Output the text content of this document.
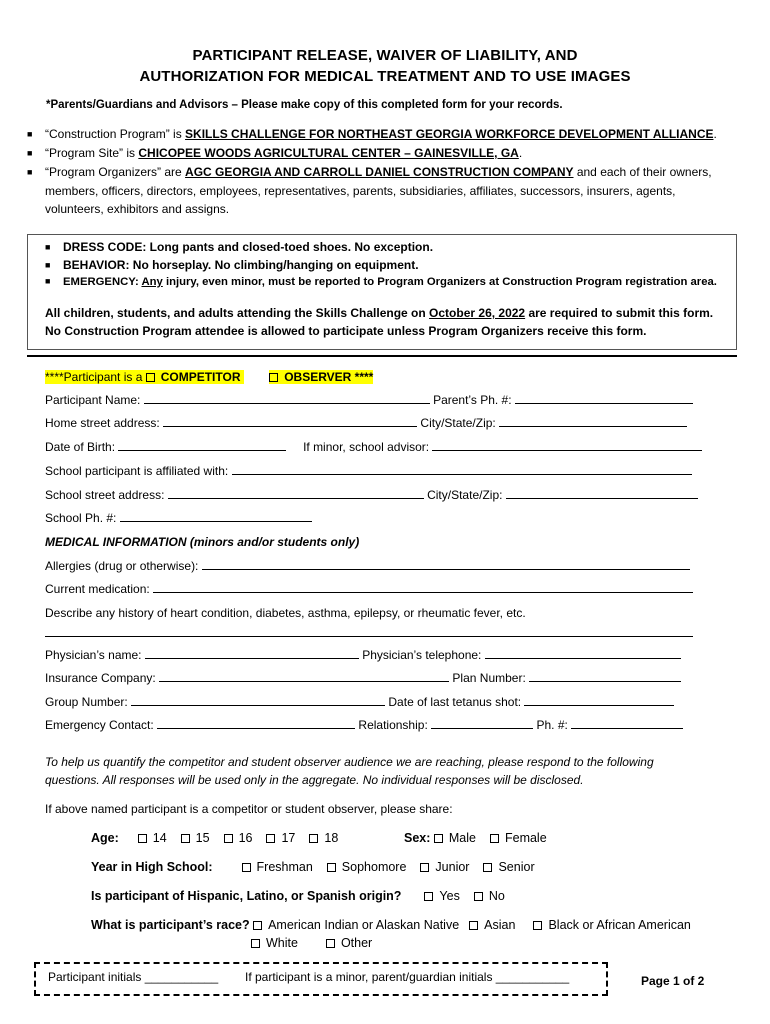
PARTICIPANT RELEASE, WAIVER OF LIABILITY, AND
AUTHORIZATION FOR MEDICAL TREATMENT AND TO USE IMAGES
*Parents/Guardians and Advisors – Please make copy of this completed form for your records.
■ “Construction Program” is SKILLS CHALLENGE FOR NORTHEAST GEORGIA WORKFORCE DEVELOPMENT ALLIANCE.
■ “Program Site” is CHICOPEE WOODS AGRICULTURAL CENTER – GAINESVILLE, GA.
■ “Program Organizers” are AGC GEORGIA AND CARROLL DANIEL CONSTRUCTION COMPANY and each of their owners,
members, officers, directors, employees, representatives, parents, subsidiaries, affiliates, successors, insurers, agents,
volunteers, exhibitors and assigns.
■ DRESS CODE: Long pants and closed-toed shoes. No exception.
■ BEHAVIOR: No horseplay. No climbing/hanging on equipment.
■ EMERGENCY: Any injury, even minor, must be reported to Program Organizers at Construction Program registration area.
All children, students, and adults attending the Skills Challenge on October 26, 2022 are required to submit this form.
No Construction Program attendee is allowed to participate unless Program Organizers receive this form.
****Participant is a COMPETITOR	OBSERVER ****
Participant Name:	Parent’s Ph. #:
Home street address:	City/State/Zip:
Date of Birth:	If minor, school advisor:
School participant is affiliated with:
School street address:	City/State/Zip:
School Ph. #:
MEDICAL INFORMATION (minors and/or students only)
Allergies (drug or otherwise):
Current medication:
Describe any history of heart condition, diabetes, asthma, epilepsy, or rheumatic fever, etc.
Physician’s name:	Physician’s telephone:
Insurance Company:	Plan Number:
Group Number:	Date of last tetanus shot:
Emergency Contact:	Relationship:	Ph. #:
To help us quantify the competitor and student observer audience we are reaching, please respond to the following
questions. All responses will be used only in the aggregate. No individual responses will be disclosed.
If above named participant is a competitor or student observer, please share:
Age:	14 15 16 17 18	Sex: Male Female
Year in High School:	Freshman Sophomore Junior Senior
Is participant of Hispanic, Latino, or Spanish origin?	Yes No
What is participant’s race? American Indian or Alaskan Native Asian	Black or African American
White	Other
Participant initials ___________ If participant is a minor, parent/guardian initials ___________	Page 1 of 2
